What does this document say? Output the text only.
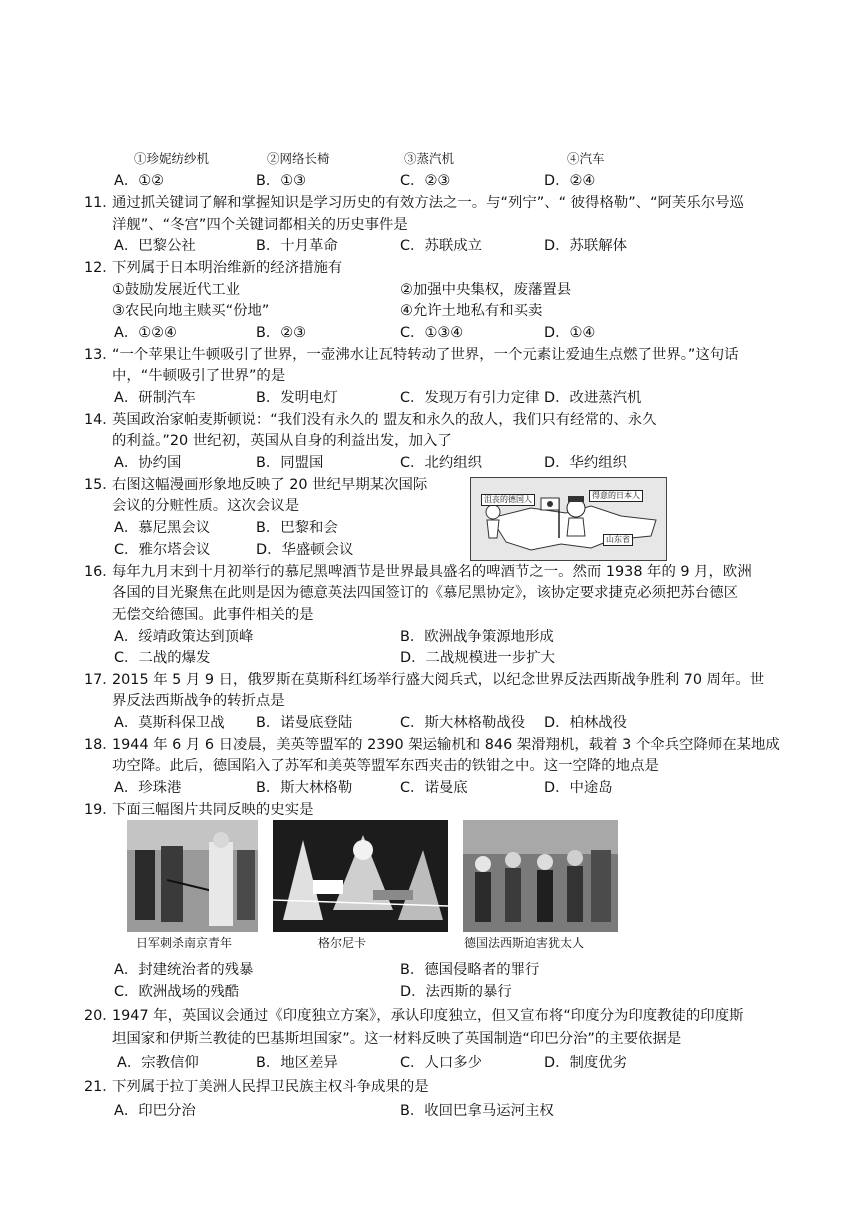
①珍妮纺纱机	②网络长椅	③蒸汽机	④汽车
A．①②	B．①③	C．②③	D．②④
11．
通过抓关键词了解和掌握知识是学习历史的有效方法之一。与“列宁”、“ 彼得格勒”、“阿芙乐尔号巡
洋舰”、“冬宫”四个关键词都相关的历史事件是
A．巴黎公社	B．十月革命	C．苏联成立	D．苏联解体
12．
下列属于日本明治维新的经济措施有
①鼓励发展近代工业	②加强中央集权，废藩置县
③农民向地主赎买“份地”	④允许土地私有和买卖
A．①②④	B．②③	C．①③④	D．①④
13．
“一个苹果让牛顿吸引了世界，一壶沸水让瓦特转动了世界，一个元素让爱迪生点燃了世界。”这句话
中，“牛顿吸引了世界”的是
A．研制汽车	B．发明电灯	C．发现万有引力定律 D．改进蒸汽机
14．
英国政治家帕麦斯顿说：“我们没有永久的 盟友和永久的敌人，我们只有经常的、永久
的利益。”20 世纪初，英国从自身的利益出发，加入了
A．协约国	B．同盟国	C．北约组织	D．华约组织
15．
右图这幅漫画形象地反映了 20 世纪早期某次国际
会议的分赃性质。这次会议是
A．慕尼黑会议	B．巴黎和会
C．雅尔塔会议	D．华盛顿会议
沮丧的德国人	得意的日本人
山东省
16．
每年九月末到十月初举行的慕尼黑啤酒节是世界最具盛名的啤酒节之一。然而 1938 年的 9 月，欧洲
各国的目光聚焦在此则是因为德意英法四国签订的《慕尼黑协定》，该协定要求捷克必须把苏台德区
无偿交给德国。此事件相关的是
A．绥靖政策达到顶峰	B．欧洲战争策源地形成
C．二战的爆发	D．二战规模进一步扩大
17．
2015 年 5 月 9 日，俄罗斯在莫斯科红场举行盛大阅兵式，以纪念世界反法西斯战争胜利 70 周年。世
界反法西斯战争的转折点是
A．莫斯科保卫战 B．诺曼底登陆	C．斯大林格勒战役 D．柏林战役
18．
1944 年 6 月 6 日凌晨，美英等盟军的 2390 架运输机和 846 架滑翔机，载着 3 个伞兵空降师在某地成
功空降。此后，德国陷入了苏军和美英等盟军东西夹击的铁钳之中。这一空降的地点是
A．珍珠港	B．斯大林格勒	C．诺曼底	D．中途岛
19．
下面三幅图片共同反映的史实是
日军刺杀南京青年	格尔尼卡	德国法西斯迫害犹太人
A．封建统治者的残暴	B．德国侵略者的罪行
C．欧洲战场的残酷	D．法西斯的暴行
20．
1947 年，英国议会通过《印度独立方案》，承认印度独立，但又宣布将“印度分为印度教徒的印度斯
坦国家和伊斯兰教徒的巴基斯坦国家”。这一材料反映了英国制造“印巴分治”的主要依据是
A．宗教信仰	B．地区差异	C．人口多少	D．制度优劣
21．
下列属于拉丁美洲人民捍卫民族主权斗争成果的是
A．印巴分治	B．收回巴拿马运河主权
